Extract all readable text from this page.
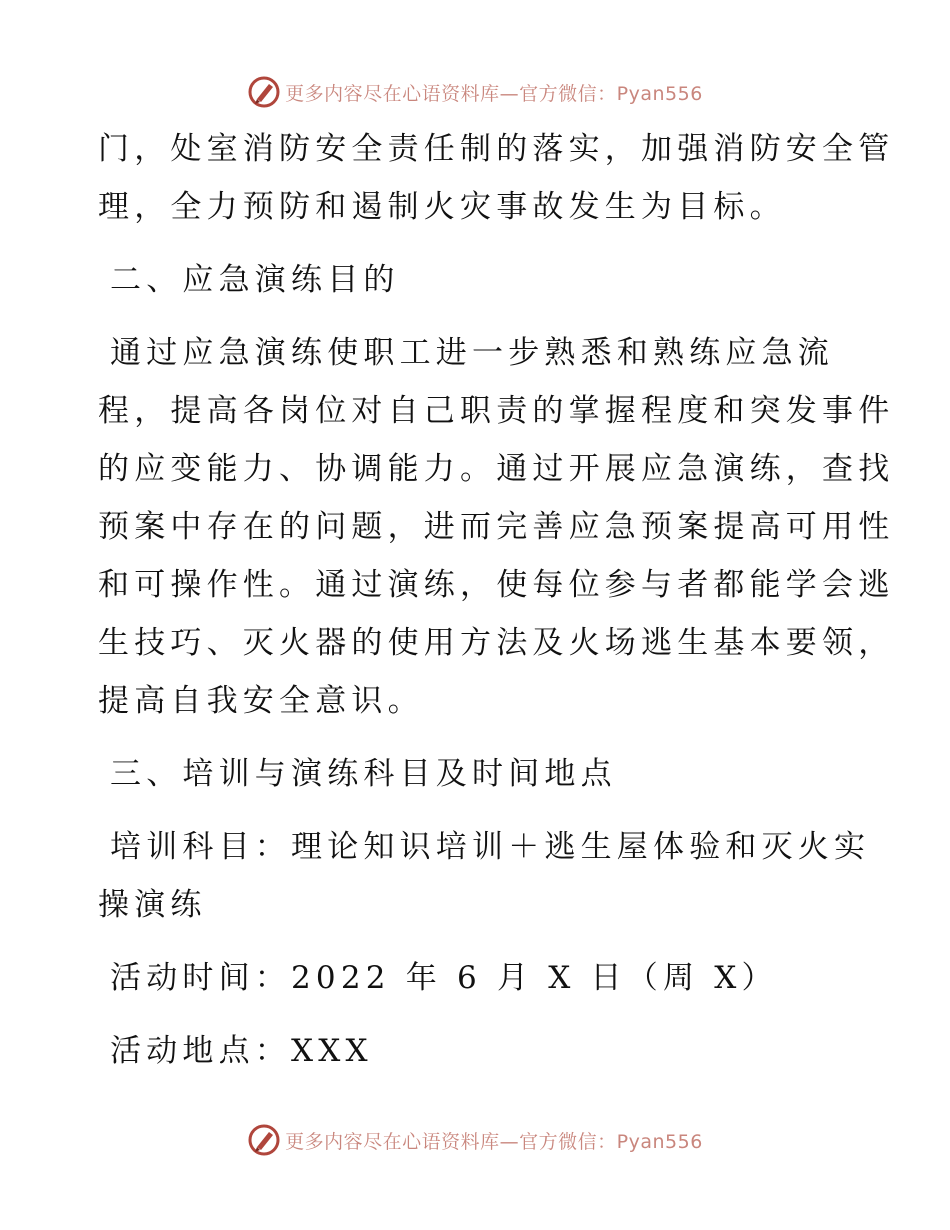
更多内容尽在心语资料库—官方微信：Pyan556
门，处室消防安全责任制的落实，加强消防安全管
理，全力预防和遏制火灾事故发生为目标。
二、应急演练目的
通过应急演练使职工进一步熟悉和熟练应急流
程，提高各岗位对自己职责的掌握程度和突发事件
的应变能力、协调能力。通过开展应急演练，查找
预案中存在的问题，进而完善应急预案提高可用性
和可操作性。通过演练，使每位参与者都能学会逃
生技巧、灭火器的使用方法及火场逃生基本要领，
提高自我安全意识。
三、培训与演练科目及时间地点
培训科目：理论知识培训＋逃生屋体验和灭火实
操演练
活动时间：2022 年 6 月 X 日（周 X）
活动地点：XXX
更多内容尽在心语资料库—官方微信：Pyan556
